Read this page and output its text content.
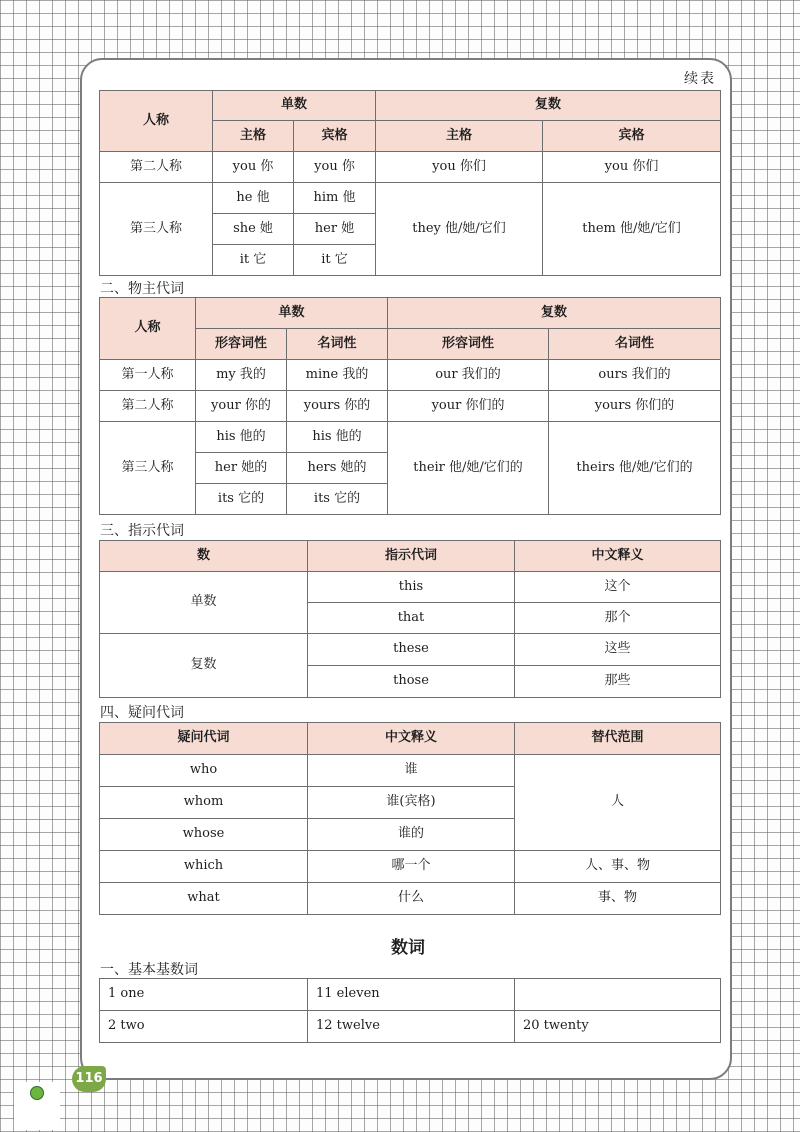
续表
人称	单数		复数	
	主格	宾格	主格	宾格
第二人称	you 你	you 你	you 你们	you 你们
第三人称	he 他	him 他	they 他/她/它们	them 他/她/它们
	she 她	her 她		
	it 它	it 它		
二、物主代词
人称	单数		复数	
	形容词性	名词性	形容词性	名词性
第一人称	my 我的	mine 我的	our 我们的	ours 我们的
第二人称	your 你的	yours 你的	your 你们的	yours 你们的
第三人称	his 他的	his 他的	their 他/她/它们的	theirs 他/她/它们的
	her 她的	hers 她的		
	its 它的	its 它的		
三、指示代词
数	指示代词	中文释义
单数	this	这个
	that	那个
复数	these	这些
	those	那些
四、疑问代词
疑问代词	中文释义	替代范围
who	谁	人
whom	谁(宾格)	
whose	谁的	
which	哪一个	人、事、物
what	什么	事、物
数词
一、基本基数词
1 one	11 eleven	
2 two	12 twelve	20 twenty
116
